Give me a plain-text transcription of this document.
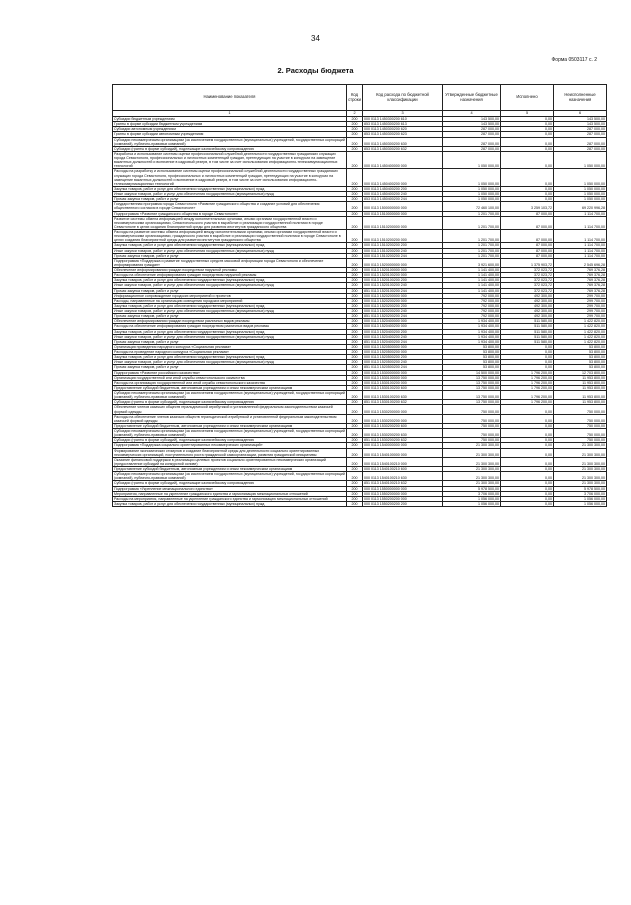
34
Форма 0503117 с. 2
2. Расходы бюджета
Наименование показателя	Код строки	Код расхода по бюджетной классификации	Утвержденные бюджетные назначения	Исполнено	Неисполненные назначения
1	2	3	4	5	6
Субсидии бюджетным учреждениям	200	000 0113 1450300200 610	143 500,00	0,00	143 500,00
Гранты в форме субсидии бюджетным учреждениям	200	853 0113 1450300200 613	143 500,00	0,00	143 500,00
Субсидии автономным учреждениям	200	000 0113 1450300200 620	287 000,00	0,00	287 000,00
Гранты в форме субсидии автономным учреждениям	200	853 0113 1450300200 623	287 000,00	0,00	287 000,00
Субсидии некоммерческим организациям (за исключением государственных (муниципальных) учреждений, государственных корпораций (компаний), публично-правовых компаний)	200	000 0113 1450300200 630	287 000,00	0,00	287 000,00
Субсидии (гранты в форме субсидий), подлежащие казначейскому сопровождению	200	853 0113 1450300200 632	287 000,00	0,00	287 000,00
Разработка и использование системы оценки профессиональной служебной деятельности государственных гражданских служащих города Севастополя, профессиональных и личностных компетенций граждан, претендующих на участие в конкурсах на замещение вакантных должностей и включение в кадровый резерв, в том числе за счет использования информационно-телекоммуникационных технологий	200	000 0113 1450400000 000	1 050 000,00	0,00	1 050 000,00
Расходы на разработку и использование системы оценки профессиональной служебной деятельности государственных гражданских служащих города Севастополя, профессиональных и личностных компетенций граждан, претендующих на участие в конкурсах на замещение вакантных должностей и включение в кадровый резерв, в том числе за счет использования информационно-телекоммуникационных технологий	200	000 0113 1450400200 000	1 050 000,00	0,00	1 050 000,00
Закупка товаров, работ и услуг для обеспечения государственных (муниципальных) нужд	200	000 0113 1450400200 200	1 050 000,00	0,00	1 050 000,00
Иные закупки товаров, работ и услуг для обеспечения государственных (муниципальных) нужд	200	000 0113 1450400200 240	1 050 000,00	0,00	1 050 000,00
Прочая закупка товаров, работ и услуг	200	853 0113 1450400200 244	1 050 000,00	0,00	1 050 000,00
Государственная программа города Севастополя «Развитие гражданского общества и создание условий для обеспечения общественного согласия в городе Севастополе»	200	000 0113 1500000000 000	72 460 100,00	3 259 103,72	69 220 996,28
Подпрограмма «Развитие гражданского общества в городе Севастополе»	200	000 0113 1510000000 000	1 201 700,00	87 000,00	1 114 700,00
Развитие системы обмена информацией между исполнительными органами, иными органами государственной власти и некоммерческими организациями, Севастопольского участия в выработке и реализации государственной политики в городе Севастополе в целях создания благоприятной среды для развития институтов гражданского общества	200	000 0113 1510200000 000	1 201 700,00	87 000,00	1 114 700,00
Расходы на развитие системы обмена информацией между исполнительными органами, иными органами государственной власти и некоммерческими организациями, гражданского участия в выработке и реализации государственной политики в городе Севастополе в целях создания благоприятной среды для развития институтов гражданского общества	200	000 0113 1510200200 000	1 201 700,00	87 000,00	1 114 700,00
Закупка товаров, работ и услуг для обеспечения государственных (муниципальных) нужд	200	000 0113 1510200200 200	1 201 700,00	87 000,00	1 114 700,00
Иные закупки товаров, работ и услуг для обеспечения государственных (муниципальных) нужд	200	000 0113 1510200200 240	1 201 700,00	87 000,00	1 114 700,00
Прочая закупка товаров, работ и услуг	200	000 0113 1510200200 244	1 201 700,00	87 000,00	1 114 700,00
Подпрограмма «Поддержка и развитие государственных средств массовой информации города Севастополя и обеспечение информирования граждан»	200	000 0113 1520000000 000	3 921 600,00	1 375 903,72	2 545 696,28
Обеспечение информирования граждан посредством наружной рекламы	200	000 0113 1520100000 000	1 141 400,00	372 023,72	769 376,28
Расходы на обеспечение информирования граждан посредством наружной рекламы	200	000 0113 1520100200 000	1 141 400,00	372 023,72	769 376,28
Закупка товаров, работ и услуг для обеспечения государственных (муниципальных) нужд	200	000 0113 1520100200 200	1 141 400,00	372 023,72	769 376,28
Иные закупки товаров, работ и услуг для обеспечения государственных (муниципальных) нужд	200	000 0113 1520100200 240	1 141 400,00	372 023,72	769 376,28
Прочая закупка товаров, работ и услуг	200	851 0113 1520100200 244	1 141 400,00	372 023,72	769 376,28
Информационное сопровождение городских мероприятий и проектов	200	000 0113 1520200000 000	792 000,00	492 300,00	299 700,00
Расходы, направленные на организацию освещения городских мероприятий	200	000 0113 1520200200 000	792 000,00	492 300,00	299 700,00
Закупка товаров, работ и услуг для обеспечения государственных (муниципальных) нужд	200	000 0113 1520200200 200	792 000,00	492 300,00	299 700,00
Иные закупки товаров, работ и услуг для обеспечения государственных (муниципальных) нужд	200	000 0113 1520200200 240	792 000,00	492 300,00	299 700,00
Прочая закупка товаров, работ и услуг	200	851 0113 1520200200 244	792 000,00	492 300,00	299 700,00
Обеспечение информирования граждан посредством различных видов рекламы	200	000 0113 1520400000 000	1 934 400,00	511 580,00	1 422 820,00
Расходы на обеспечение информирования граждан посредством различных видов рекламы	200	000 0113 1520400200 000	1 934 400,00	511 580,00	1 422 820,00
Закупка товаров, работ и услуг для обеспечения государственных (муниципальных) нужд	200	000 0113 1520400200 200	1 934 400,00	511 580,00	1 422 820,00
Иные закупки товаров, работ и услуг для обеспечения государственных (муниципальных) нужд	200	000 0113 1520400200 240	1 934 400,00	511 580,00	1 422 820,00
Прочая закупка товаров, работ и услуг	200	851 0113 1520400200 244	1 934 400,00	511 580,00	1 422 820,00
Организация проведения народного конкурса «Социальная реклама»	200	000 0113 1520500000 000	53 800,00	0,00	53 800,00
Расходы на проведение народного конкурса «Социальная реклама»	200	000 0113 1520500200 000	53 800,00	0,00	53 800,00
Закупка товаров, работ и услуг для обеспечения государственных (муниципальных) нужд	200	000 0113 1520500200 200	53 800,00	0,00	53 800,00
Иные закупки товаров, работ и услуг для обеспечения государственных (муниципальных) нужд	200	000 0113 1520500200 240	53 800,00	0,00	53 800,00
Прочая закупка товаров, работ и услуг	200	851 0113 1520500200 244	53 800,00	0,00	53 800,00
Подпрограмма «Развитие российского казачества»	200	000 0113 1530000000 000	14 500 000,00	1 796 200,00	12 703 800,00
Организация государственной или иной службы севастопольского казачества	200	000 0113 1530100000 000	13 750 000,00	1 796 200,00	11 953 800,00
Расходы на организацию государственной или иной службы севастопольского казачества	200	000 0113 1530100200 000	13 750 000,00	1 796 200,00	11 953 800,00
Предоставление субсидий бюджетным, автономным учреждениям и иным некоммерческим организациям	200	000 0113 1530100200 600	13 750 000,00	1 796 200,00	11 953 800,00
Субсидии некоммерческим организациям (за исключением государственных (муниципальных) учреждений, государственных корпораций (компаний), публично-правовых компаний)	200	000 0113 1530100200 630	13 750 000,00	1 796 200,00	11 953 800,00
Субсидии (гранты в форме субсидий), подлежащие казначейскому сопровождению	200	851 0113 1530100200 632	13 750 000,00	1 796 200,00	11 953 800,00
Обеспечение членов казачьих обществ геральдической атрибутикой и установленной федеральным законодательством казачьей формой одежды	200	000 0113 1530200000 000	750 000,00	0,00	750 000,00
Расходы на обеспечение членов казачьих обществ геральдической атрибутикой и установленной федеральным законодательством казачьей формой одежды	200	000 0113 1530200200 000	750 000,00	0,00	750 000,00
Предоставление субсидий бюджетным, автономным учреждениям и иным некоммерческим организациям	200	000 0113 1530200200 600	750 000,00	0,00	750 000,00
Субсидии некоммерческим организациям (за исключением государственных (муниципальных) учреждений, государственных корпораций (компаний), публично-правовых компаний)	200	000 0113 1530200200 630	750 000,00	0,00	750 000,00
Субсидии (гранты в форме субсидий), подлежащие казначейскому сопровождению	200	851 0113 1530200200 632	750 000,00	0,00	750 000,00
Подпрограмма «Поддержка социально ориентированных некоммерческих организаций»	200	000 0113 1540000000 000	21 300 300,00	0,00	21 300 300,00
Формирование экономических стимулов и создание благоприятной среды для деятельности социально ориентированных некоммерческих организаций, поступательного роста гражданской самоорганизации, развития гражданской инициативы	200	000 0113 1540100000 000	21 300 300,00	0,00	21 300 300,00
Оказание финансовой поддержки в реализации целевых проектов социально ориентированных некоммерческих организаций (предоставление субсидий на конкурсной основе)	200	000 0113 1540100210 000	21 300 300,00	0,00	21 300 300,00
Предоставление субсидий бюджетным, автономным учреждениям и иным некоммерческим организациям	200	000 0113 1540100210 600	21 300 300,00	0,00	21 300 300,00
Субсидии некоммерческим организациям (за исключением государственных (муниципальных) учреждений, государственных корпораций (компаний), публично-правовых компаний)	200	000 0113 1540100210 630	21 300 300,00	0,00	21 300 300,00
Субсидии (гранты в форме субсидий), подлежащие казначейскому сопровождению	200	851 0113 1540100210 632	21 300 300,00	0,00	21 300 300,00
Подпрограмма «Укрепление межнационального единства»	200	000 0113 1550000000 000	5 978 500,00	0,00	5 978 500,00
Мероприятия, направленные на укрепление гражданского единства и гармонизацию межнациональных отношений	200	000 0113 1550200000 000	3 706 000,00	0,00	3 706 000,00
Расходы на мероприятия, направленные на укрепление гражданского единства и гармонизацию межнациональных отношений	200	000 0113 1550200200 000	1 056 000,00	0,00	1 056 000,00
Закупка товаров, работ и услуг для обеспечения государственных (муниципальных) нужд	200	000 0113 1550200200 200	1 056 000,00	0,00	1 056 000,00
